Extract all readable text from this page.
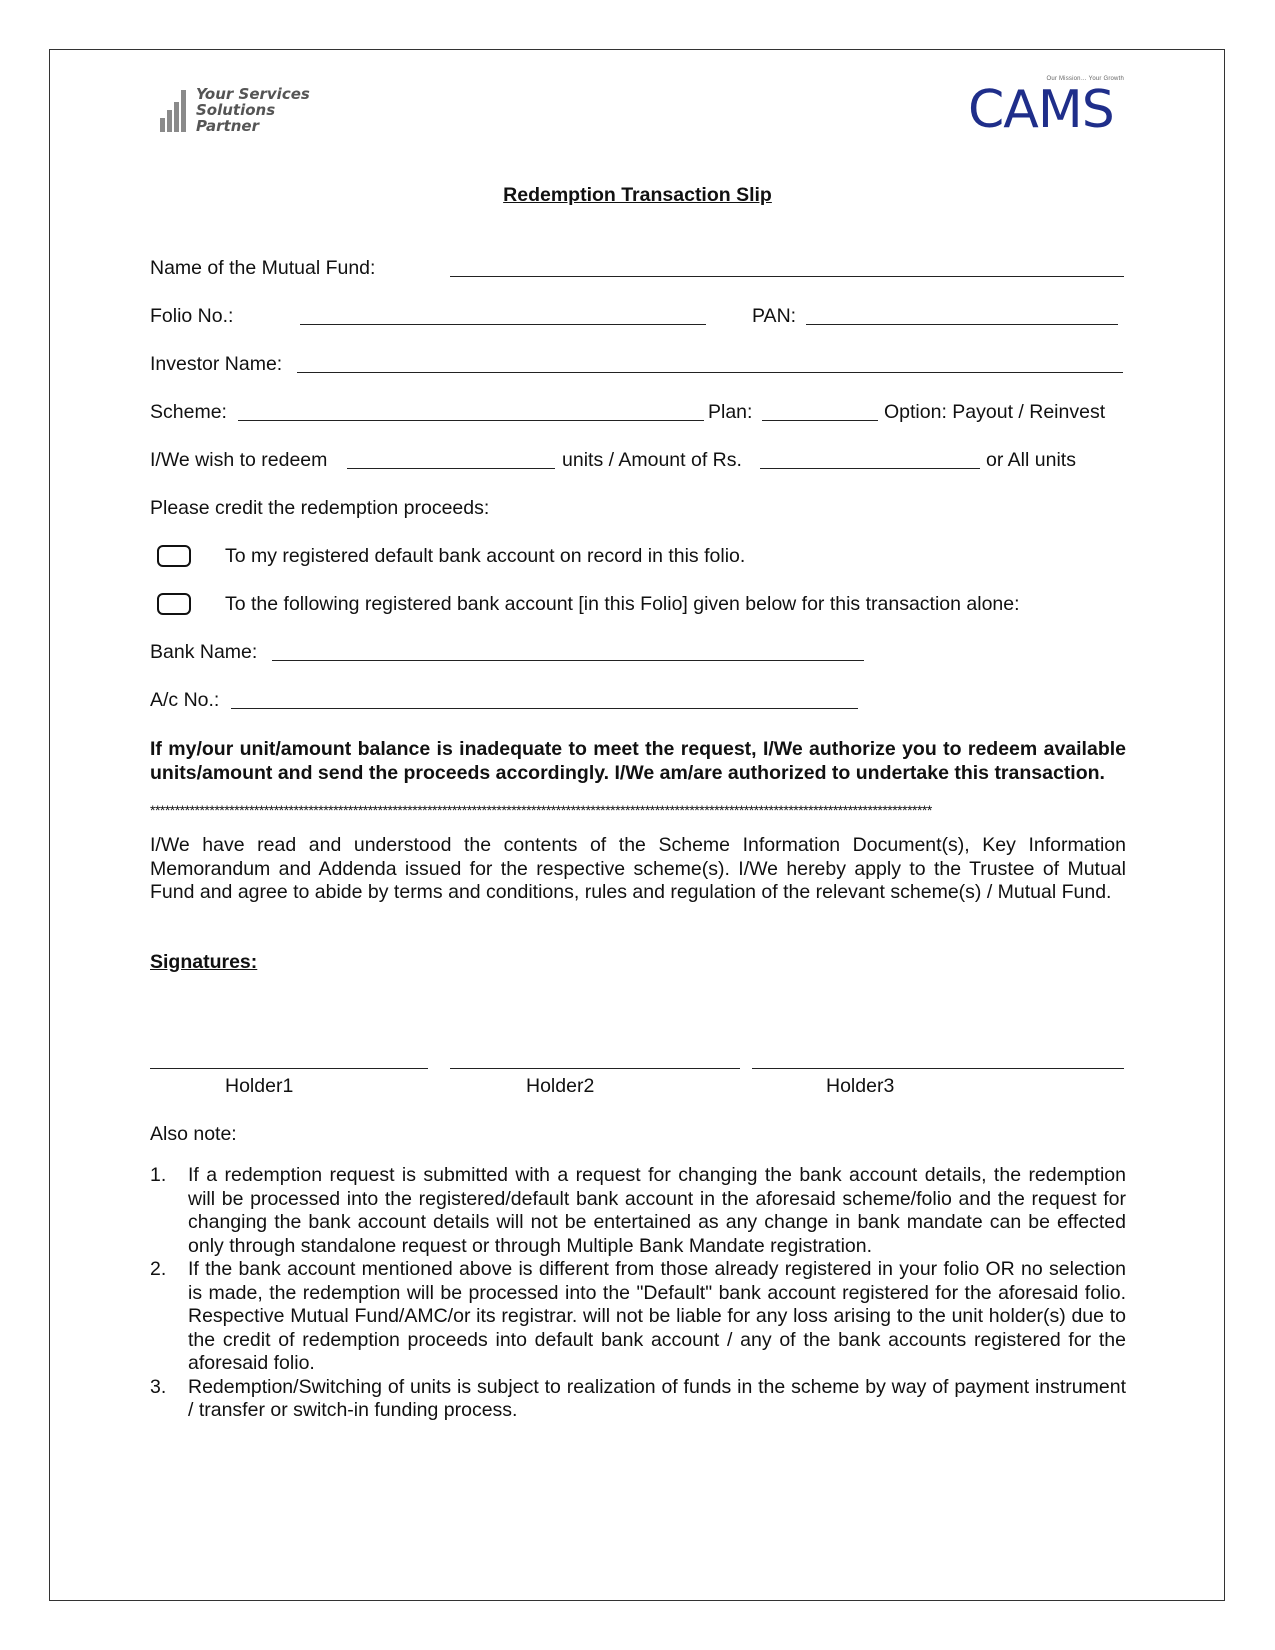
Your Services
Solutions
Partner
Our Mission… Your Growth
CAMS
Redemption Transaction Slip
Name of the Mutual Fund:
Folio No.:	PAN:
Investor Name:
Scheme:	Plan:	Option: Payout / Reinvest
I/We wish to redeem	units / Amount of Rs.	or All units
Please credit the redemption proceeds:
To my registered default bank account on record in this folio.
To the following registered bank account [in this Folio] given below for this transaction alone:
Bank Name:
A/c No.:
If my/our unit/amount balance is inadequate to meet the request, I/We authorize you to redeem available units/amount and send the proceeds accordingly. I/We am/are authorized to undertake this transaction.
**************************************************************************************************************************************************************
I/We have read and understood the contents of the Scheme Information Document(s), Key Information Memorandum and Addenda issued for the respective scheme(s). I/We hereby apply to the Trustee of Mutual Fund and agree to abide by terms and conditions, rules and regulation of the relevant scheme(s) / Mutual Fund.
Signatures:
Holder1	Holder2	Holder3
Also note:
1. If a redemption request is submitted with a request for changing the bank account details, the redemption will be processed into the registered/default bank account in the aforesaid scheme/folio and the request for changing the bank account details will not be entertained as any change in bank mandate can be effected only through standalone request or through Multiple Bank Mandate registration.
2. If the bank account mentioned above is different from those already registered in your folio OR no selection is made, the redemption will be processed into the "Default" bank account registered for the aforesaid folio. Respective Mutual Fund/AMC/or its registrar. will not be liable for any loss arising to the unit holder(s) due to the credit of redemption proceeds into default bank account / any of the bank accounts registered for the aforesaid folio.
3. Redemption/Switching of units is subject to realization of funds in the scheme by way of payment instrument / transfer or switch-in funding process.
